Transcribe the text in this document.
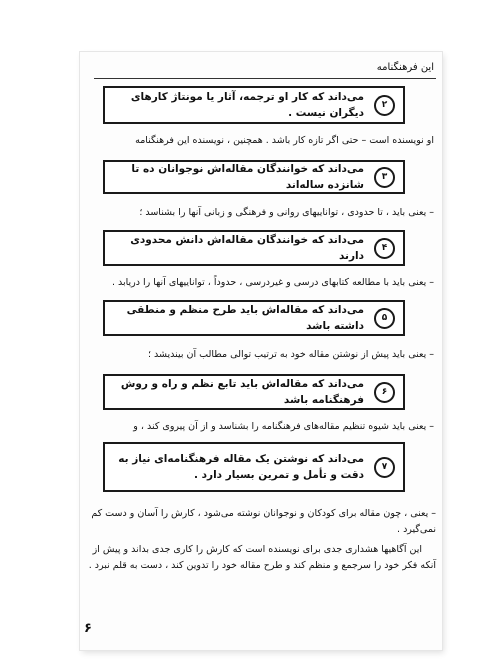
این فرهنگنامه
۲
می‌داند که کار او ترجمه، آثار یا مونتاژ کارهای دیگران نیست .
او نویسنده است – حتی اگر تازه کار باشد . همچنین ، نویسنده این فرهنگنامه
۳
می‌داند که خوانندگان مقاله‌اش نوجوانان ده تا شانزده ساله‌اند
– یعنی باید ، تا حدودی ، تواناییهای روانی و فرهنگی و زبانی آنها را بشناسد ؛
۴
می‌داند که خوانندگان مقاله‌اش دانش محدودی دارند
– یعنی باید با مطالعه کتابهای درسی و غیردرسی ، حدوداً ، تواناییهای آنها را دریابد .
۵
می‌داند که مقاله‌اش باید طرح منظم و منطقی داشته باشد
– یعنی باید پیش از نوشتن مقاله خود به ترتیب توالی مطالب آن بیندیشد ؛
۶
می‌داند که مقاله‌اش باید تابع نظم و راه و روش فرهنگنامه باشد
– یعنی باید شیوه تنظیم مقاله‌های فرهنگنامه را بشناسد و از آن پیروی کند ، و
۷
می‌داند که نوشتن یک مقاله فرهنگنامه‌ای نیاز به دقت و تأمل و تمرین بسیار دارد .
– یعنی ، چون مقاله برای کودکان و نوجوانان نوشته می‌شود ، کارش را آسان و دست کم نمی‌گیرد .
این آگاهیها هشداری جدی برای نویسنده است که کارش را کاری جدی بداند و پیش از آنکه فکر خود را سرجمع و منظم کند و طرح مقاله خود را تدوین کند ، دست به قلم نبرد .
۶
